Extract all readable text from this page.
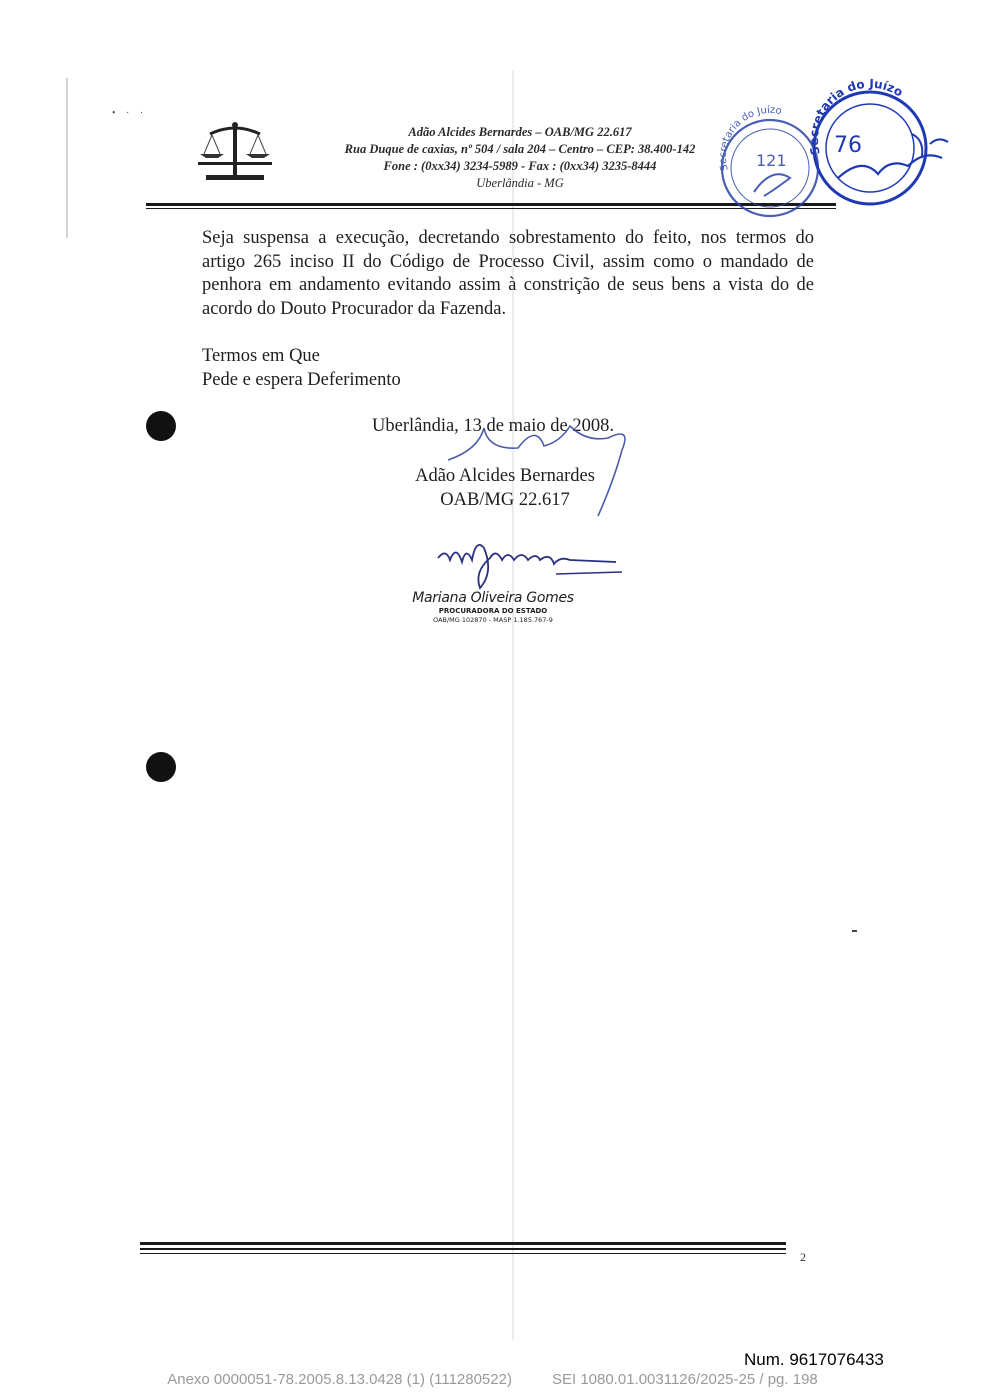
• · ·
Adão Alcides Bernardes – OAB/MG 22.617
Rua Duque de caxias, nº 504 / sala 204 – Centro – CEP: 38.400-142
Fone : (0xx34) 3234-5989 - Fax : (0xx34) 3235-8444
Uberlândia - MG
Secretaria do Juízo
121
Secretaria do Juízo
76

Seja suspensa a execução, decretando sobrestamento do feito, nos termos do artigo 265 inciso II do Código de Processo Civil, assim como o mandado de penhora em andamento evitando assim à constrição de seus bens a vista do de acordo do Douto Procurador da Fazenda.

Termos em Que
Pede e espera Deferimento
Uberlândia, 13 de maio de 2008.
Adão Alcides Bernardes
OAB/MG 22.617
Mariana Oliveira Gomes
PROCURADORA DO ESTADO
OAB/MG 102870 - MASP 1.185.767-9
2
Num. 9617076433
Anexo 0000051-78.2005.8.13.0428 (1) (111280522)	SEI 1080.01.0031126/2025-25 / pg. 198
